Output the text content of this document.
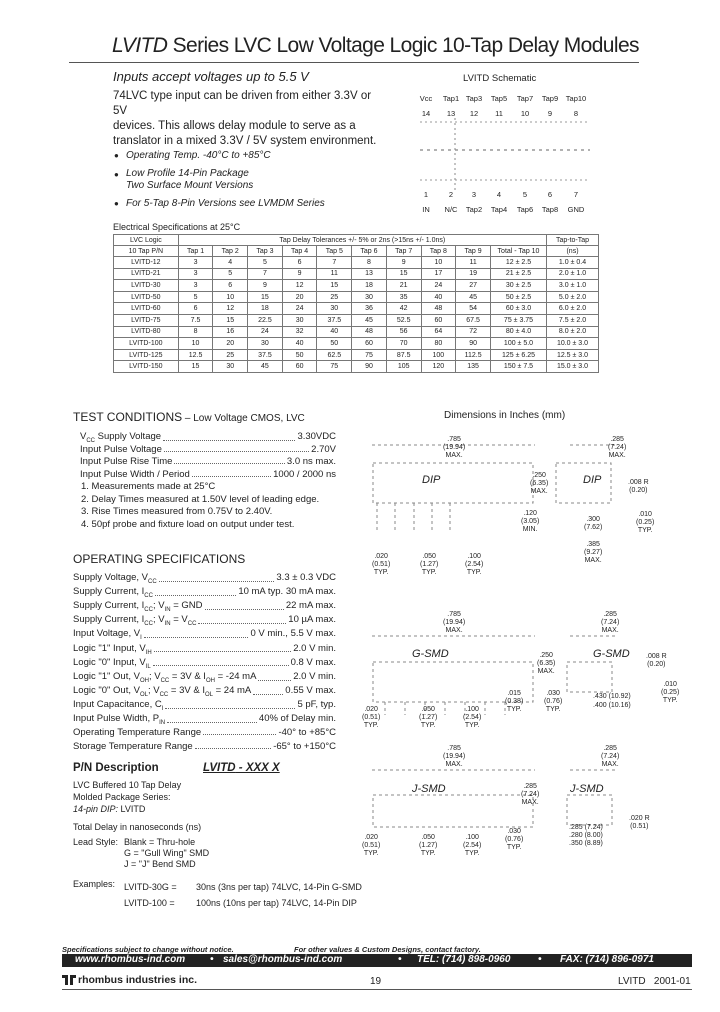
LVITD Series LVC Low Voltage Logic 10-Tap Delay Modules
Inputs accept voltages up to 5.5 V
74LVC type input can be driven from either 3.3V or 5V
devices. This allows delay module to serve as a
translator in a mixed 3.3V / 5V system environment.
● Operating Temp. -40°C to +85°C
● Low Profile 14-Pin Package
Two Surface Mount Versions
● For 5-Tap 8-Pin Versions see LVMDM Series
LVITD Schematic
Vcc	Tap1 Tap3	Tap5	Tap7	Tap9	Tap10
14	13	12	11	10	9	8
1	2	3	4	5	6	7
IN	N/C	Tap2	Tap4	Tap6	Tap8	GND
Electrical Specifications at 25°C
LVC Logic	Tap Delay Tolerances +/- 5% or 2ns (>15ns +/- 1.0ns)										Tap-to-Tap
10 Tap P/N	Tap 1	Tap 2	Tap 3	Tap 4	Tap 5	Tap 6	Tap 7	Tap 8	Tap 9	Total - Tap 10	(ns)
LVITD-12	3	4	5	6	7	8	9	10	11	12 ± 2.5	1.0 ± 0.4
LVITD-21	3	5	7	9	11	13	15	17	19	21 ± 2.5	2.0 ± 1.0
LVITD-30	3	6	9	12	15	18	21	24	27	30 ± 2.5	3.0 ± 1.0
LVITD-50	5	10	15	20	25	30	35	40	45	50 ± 2.5	5.0 ± 2.0
LVITD-60	6	12	18	24	30	36	42	48	54	60 ± 3.0	6.0 ± 2.0
LVITD-75	7.5	15	22.5	30	37.5	45	52.5	60	67.5	75 ± 3.75	7.5 ± 2.0
LVITD-80	8	16	24	32	40	48	56	64	72	80 ± 4.0	8.0 ± 2.0
LVITD-100	10	20	30	40	50	60	70	80	90	100 ± 5.0	10.0 ± 3.0
LVITD-125	12.5	25	37.5	50	62.5	75	87.5	100	112.5	125 ± 6.25	12.5 ± 3.0
LVITD-150	15	30	45	60	75	90	105	120	135	150 ± 7.5	15.0 ± 3.0
TEST CONDITIONS – Low Voltage CMOS, LVC
$V_{CC}$ Supply Voltage	3.30VDC
Input Pulse Voltage	2.70V
Input Pulse Rise Time	3.0 ns max.
Input Pulse Width / Period	1000 / 2000 ns
1. Measurements made at 25°C
2. Delay Times measured at 1.50V level of leading edge.
3. Rise Times measured from 0.75V to 2.40V.
4. 50pf probe and fixture load on output under test.
OPERATING SPECIFICATIONS
Supply Voltage, $V_{CC}$	3.3 ± 0.3 VDC
Supply Current, $I_{CC}$	10 mA typ. 30 mA max.
Supply Current, $I_{CC}$; $V_{IN}$ = GND	22 mA max.
Supply Current, $I_{CC}$; $V_{IN} = V_{CC}$	10 µA max.
Input Voltage, $V_I$	0 V min., 5.5 V max.
Logic "1" Input, $V_{IH}$	2.0 V min.
Logic "0" Input, $V_{IL}$	0.8 V max.
Logic "1" Out, $V_{OH}$; $V_{CC} = 3V$ & $I_{OH} = -24$ mA	2.0 V min.
Logic "0" Out, $V_{OL}$; $V_{CC} = 3V$ & $I_{OL} = 24$ mA	0.55 V max.
Input Capacitance, $C_I$	5 pF, typ.
Input Pulse Width, $P_{IN}$	40% of Delay min.
Operating Temperature Range	-40° to +85°C
Storage Temperature Range	-65° to +150°C
P/N Description	LVITD - XXX X
LVC Buffered 10 Tap Delay
Molded Package Series:
14-pin DIP: LVITD
Total Delay in nanoseconds (ns)
Lead Style: Blank = Thru-hole
G = "Gull Wing" SMD
J = "J" Bend SMD
Examples: LVITD-30G = 30ns (3ns per tap) 74LVC, 14-Pin G-SMD
LVITD-100 = 100ns (10ns per tap) 74LVC, 14-Pin DIP
Dimensions in Inches (mm)
DIP	DIP
.785
(19.94)
MAX.
.285
(7.24)
MAX.
.250
(6.35)
MAX.
.008 R
(0.20)
.120
(3.05)
MIN.
.300
(7.62)
.010
(0.25)
TYP.
.385
(9.27)
MAX.
.020
(0.51)
TYP.
.050
(1.27)
TYP.
.100
(2.54)
TYP.
G-SMD	G-SMD
.785
(19.94)
MAX.
.285
(7.24)
MAX.
.250
(6.35)
MAX.
.008 R
(0.20)
.010
(0.25)
TYP.
.015
(0.38)
TYP.
.030
(0.76)
TYP.
.430 (10.92)
.400 (10.16)
.020
(0.51)
TYP.
.050
(1.27)
TYP.
.100
(2.54)
TYP.
J-SMD	J-SMD
.785
(19.94)
MAX.
.285
(7.24)
MAX.
.285
(7.24)
MAX.
.020 R
(0.51)
.030
(0.76)
TYP.
.285 (7.24)
.280 (8.00)
.350 (8.89)
.020
(0.51)
TYP.
.050
(1.27)
TYP.
.100
(2.54)
TYP.
Specifications subject to change without notice.	For other values & Custom Designs, contact factory.
www.rhombus-ind.com • sales@rhombus-ind.com	• TEL: (714) 898-0960	• FAX: (714) 896-0971
rhombus industries inc.	19	LVITD   2001-01
